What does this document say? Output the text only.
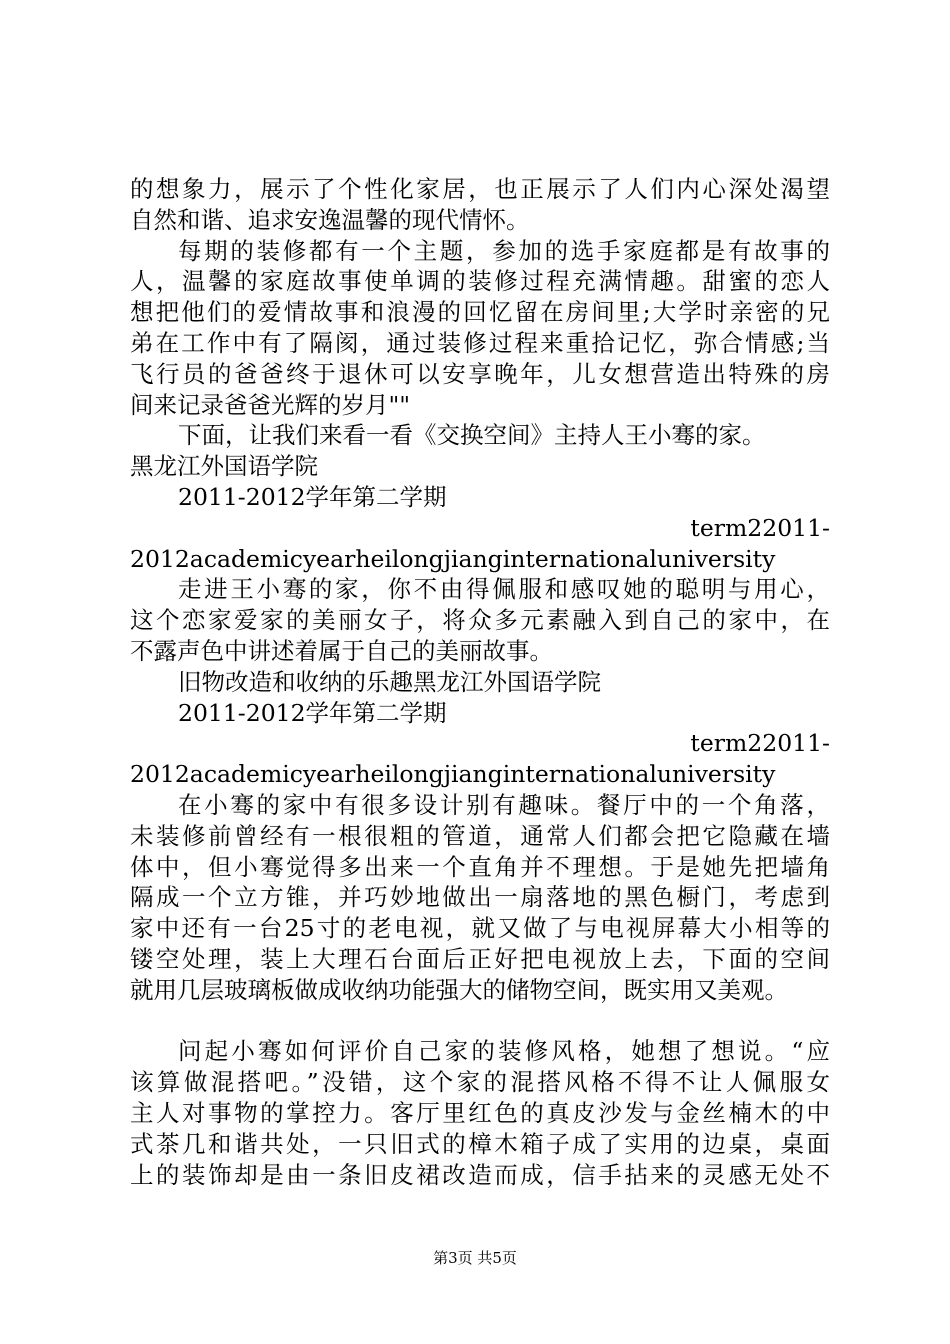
的想象力，展示了个性化家居，也正展示了人们内心深处渴望
自然和谐、追求安逸温馨的现代情怀。
每期的装修都有一个主题，参加的选手家庭都是有故事的
人，温馨的家庭故事使单调的装修过程充满情趣。甜蜜的恋人
想把他们的爱情故事和浪漫的回忆留在房间里;大学时亲密的兄
弟在工作中有了隔阂，通过装修过程来重拾记忆，弥合情感;当
飞行员的爸爸终于退休可以安享晚年，儿女想营造出特殊的房
间来记录爸爸光辉的岁月""
下面，让我们来看一看《交换空间》主持人王小骞的家。
黑龙江外国语学院
2011-2012学年第二学期
term22011-
2012academicyearheilongjianginternationaluniversity
走进王小骞的家，你不由得佩服和感叹她的聪明与用心，
这个恋家爱家的美丽女子，将众多元素融入到自己的家中，在
不露声色中讲述着属于自己的美丽故事。
旧物改造和收纳的乐趣黑龙江外国语学院
2011-2012学年第二学期
term22011-
2012academicyearheilongjianginternationaluniversity
在小骞的家中有很多设计别有趣味。餐厅中的一个角落，
未装修前曾经有一根很粗的管道，通常人们都会把它隐藏在墙
体中，但小骞觉得多出来一个直角并不理想。于是她先把墙角
隔成一个立方锥，并巧妙地做出一扇落地的黑色橱门，考虑到
家中还有一台25寸的老电视，就又做了与电视屏幕大小相等的
镂空处理，装上大理石台面后正好把电视放上去，下面的空间
就用几层玻璃板做成收纳功能强大的储物空间，既实用又美观。
问起小骞如何评价自己家的装修风格，她想了想说。“应
该算做混搭吧。”没错，这个家的混搭风格不得不让人佩服女
主人对事物的掌控力。客厅里红色的真皮沙发与金丝楠木的中
式茶几和谐共处，一只旧式的樟木箱子成了实用的边桌，桌面
上的装饰却是由一条旧皮裙改造而成，信手拈来的灵感无处不
第3页 共5页
